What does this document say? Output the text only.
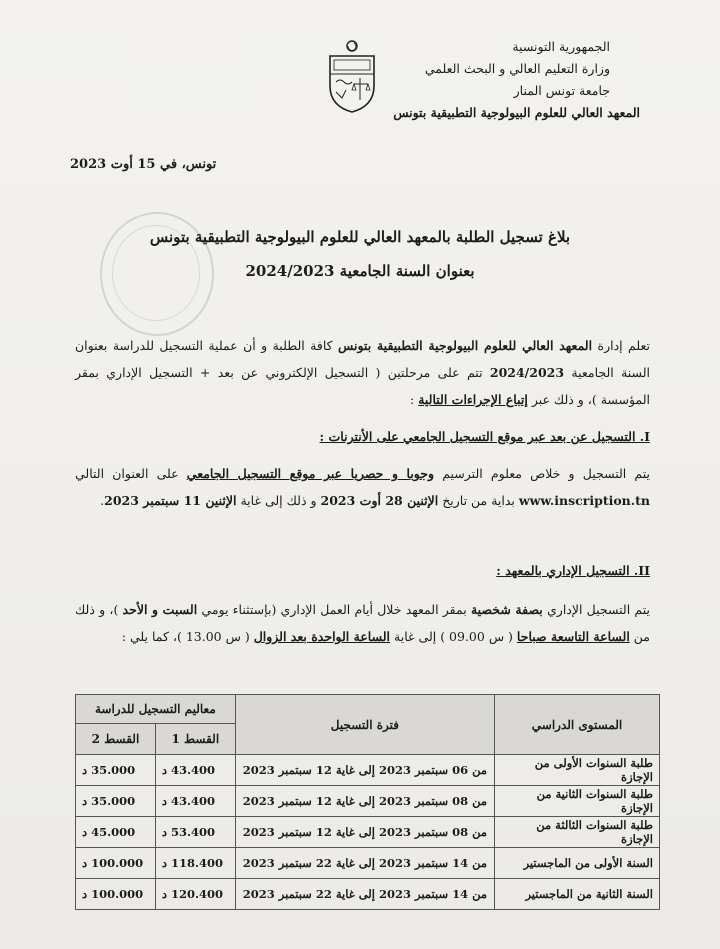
الجمهورية التونسية
وزارة التعليم العالي و البحث العلمي
جامعة تونس المنار
المعهد العالي للعلوم البيولوجية التطبيقية بتونس
تونس، في 15 أوت 2023
بلاغ تسجيل الطلبة بالمعهد العالي للعلوم البيولوجية التطبيقية بتونس
بعنوان السنة الجامعية 2024/2023
تعلم إدارة المعهد العالي للعلوم البيولوجية التطبيقية بتونس كافة الطلبة و أن عملية التسجيل للدراسة بعنوان السنة الجامعية 2024/2023 تتم على مرحلتين ( التسجيل الإلكتروني عن بعد + التسجيل الإداري بمقر المؤسسة )، و ذلك عبر إتباع الإجراءات التالية :
I. التسجيل عن بعد عبر موقع التسجيل الجامعي على الأنترنات :
يتم التسجيل و خلاص معلوم الترسيم وجوبا و حصريا عبر موقع التسجيل الجامعي على العنوان التالي www.inscription.tn بداية من تاريخ الإثنين 28 أوت 2023 و ذلك إلى غاية الإثنين 11 سبتمبر 2023.
II. التسجيل الإداري بالمعهد :
يتم التسجيل الإداري بصفة شخصية بمقر المعهد خلال أيام العمل الإداري (بإستثناء يومي السبت و الأحد )، و ذلك من الساعة التاسعة صباحا ( س 09.00 ) إلى غاية الساعة الواحدة بعد الزوال ( س 13.00 )، كما يلي :
المستوى الدراسي	فترة التسجيل	معاليم التسجيل للدراسة	
		القسط 1	القسط 2
طلبة السنوات الأولى من الإجازة	من 06 سبتمبر 2023 إلى غاية 12 سبتمبر 2023	43.400 د	35.000 د
طلبة السنوات الثانية من الإجازة	من 08 سبتمبر 2023 إلى غاية 12 سبتمبر 2023	43.400 د	35.000 د
طلبة السنوات الثالثة من الإجازة	من 08 سبتمبر 2023 إلى غاية 12 سبتمبر 2023	53.400 د	45.000 د
السنة الأولى من الماجستير	من 14 سبتمبر 2023 إلى غاية 22 سبتمبر 2023	118.400 د	100.000 د
السنة الثانية من الماجستير	من 14 سبتمبر 2023 إلى غاية 22 سبتمبر 2023	120.400 د	100.000 د
